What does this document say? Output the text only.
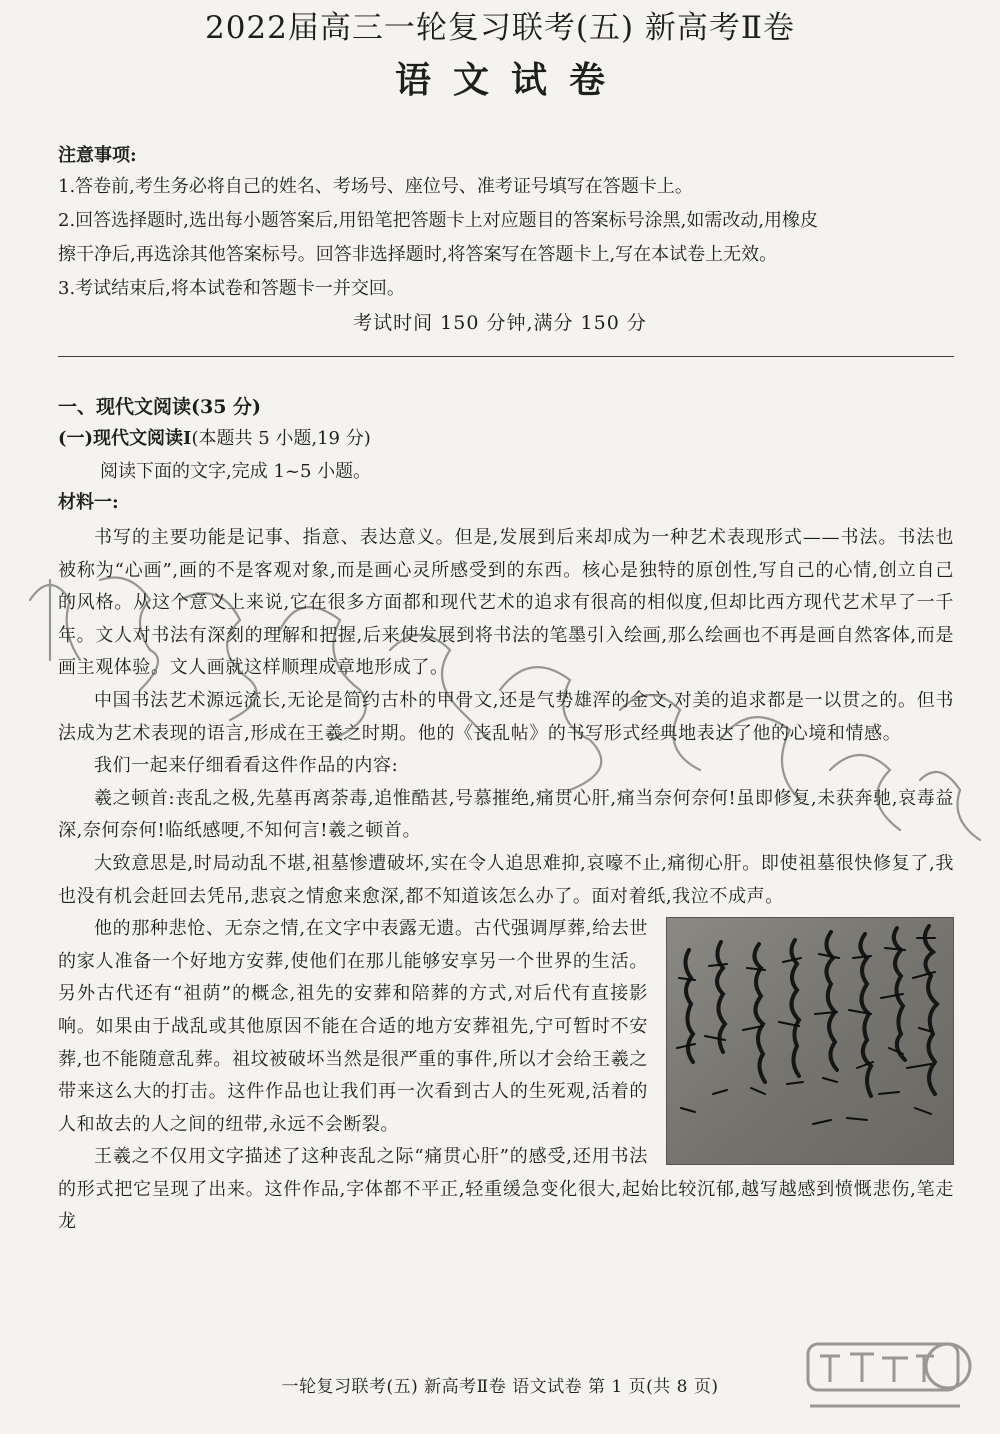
2022届高三一轮复习联考(五) 新高考Ⅱ卷
语文试卷
注意事项:
1.答卷前,考生务必将自己的姓名、考场号、座位号、准考证号填写在答题卡上。
2.回答选择题时,选出每小题答案后,用铅笔把答题卡上对应题目的答案标号涂黑,如需改动,用橡皮
擦干净后,再选涂其他答案标号。回答非选择题时,将答案写在答题卡上,写在本试卷上无效。
3.考试结束后,将本试卷和答题卡一并交回。
考试时间 150 分钟,满分 150 分
一、现代文阅读(35 分)
(一)现代文阅读Ⅰ(本题共 5 小题,19 分)
阅读下面的文字,完成 1~5 小题。
材料一:

书写的主要功能是记事、指意、表达意义。但是,发展到后来却成为一种艺术表现形式——书法。书法也被称为“心画”,画的不是客观对象,而是画心灵所感受到的东西。核心是独特的原创性,写自己的心情,创立自己的风格。从这个意义上来说,它在很多方面都和现代艺术的追求有很高的相似度,但却比西方现代艺术早了一千年。文人对书法有深刻的理解和把握,后来使发展到将书法的笔墨引入绘画,那么绘画也不再是画自然客体,而是画主观体验。文人画就这样顺理成章地形成了。

中国书法艺术源远流长,无论是简约古朴的甲骨文,还是气势雄浑的金文,对美的追求都是一以贯之的。但书法成为艺术表现的语言,形成在王羲之时期。他的《丧乱帖》的书写形式经典地表达了他的心境和情感。

我们一起来仔细看看这件作品的内容:

羲之顿首:丧乱之极,先墓再离荼毒,追惟酷甚,号慕摧绝,痛贯心肝,痛当奈何奈何!虽即修复,未获奔驰,哀毒益深,奈何奈何!临纸感哽,不知何言!羲之顿首。

大致意思是,时局动乱不堪,祖墓惨遭破坏,实在令人追思难抑,哀嚎不止,痛彻心肝。即使祖墓很快修复了,我也没有机会赶回去凭吊,悲哀之情愈来愈深,都不知道该怎么办了。面对着纸,我泣不成声。

他的那种悲怆、无奈之情,在文字中表露无遗。古代强调厚葬,给去世的家人准备一个好地方安葬,使他们在那儿能够安享另一个世界的生活。另外古代还有“祖荫”的概念,祖先的安葬和陪葬的方式,对后代有直接影响。如果由于战乱或其他原因不能在合适的地方安葬祖先,宁可暂时不安葬,也不能随意乱葬。祖坟被破坏当然是很严重的事件,所以才会给王羲之带来这么大的打击。这件作品也让我们再一次看到古人的生死观,活着的人和故去的人之间的纽带,永远不会断裂。

王羲之不仅用文字描述了这种丧乱之际“痛贯心肝”的感受,还用书法的形式把它呈现了出来。这件作品,字体都不平正,轻重缓急变化很大,起始比较沉郁,越写越感到愤慨悲伤,笔走龙

一轮复习联考(五) 新高考Ⅱ卷 语文试卷 第 1 页(共 8 页)
